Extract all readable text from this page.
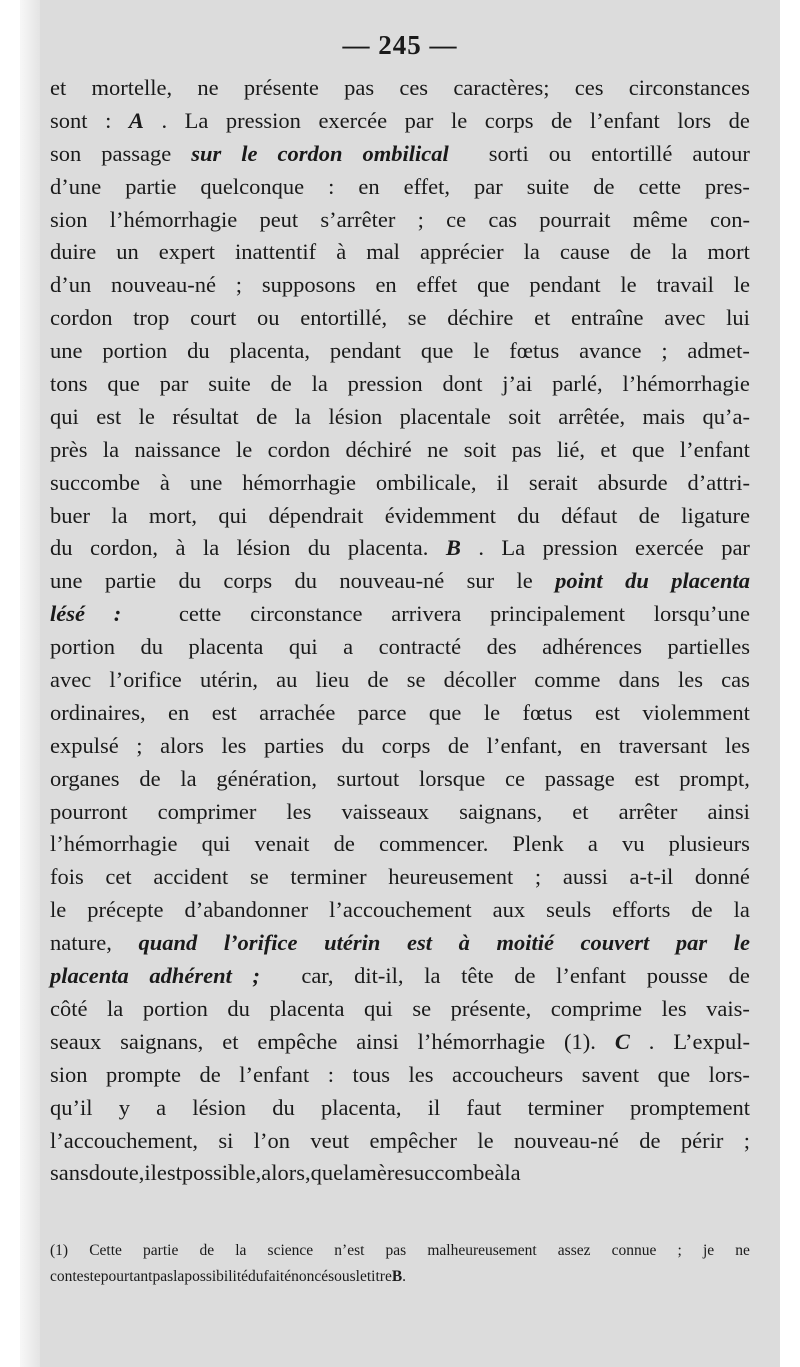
— 245 —
et mortelle, ne présente pas ces caractères; ces circonstances
sont : A . La pression exercée par le corps de l’enfant lors de
son passage sur le cordon ombilical sorti ou entortillé autour
d’une partie quelconque : en effet, par suite de cette pres-
sion l’hémorrhagie peut s’arrêter ; ce cas pourrait même con-
duire un expert inattentif à mal apprécier la cause de la mort
d’un nouveau-né ; supposons en effet que pendant le travail le
cordon trop court ou entortillé, se déchire et entraîne avec lui
une portion du placenta, pendant que le fœtus avance ; admet-
tons que par suite de la pression dont j’ai parlé, l’hémorrhagie
qui est le résultat de la lésion placentale soit arrêtée, mais qu’a-
près la naissance le cordon déchiré ne soit pas lié, et que l’enfant
succombe à une hémorrhagie ombilicale, il serait absurde d’attri-
buer la mort, qui dépendrait évidemment du défaut de ligature
du cordon, à la lésion du placenta. B . La pression exercée par
une partie du corps du nouveau-né sur le point du placenta
lésé :	cette circonstance arrivera principalement lorsqu’une
portion du placenta qui a contracté des adhérences partielles
avec l’orifice utérin, au lieu de se décoller comme dans les cas
ordinaires, en est arrachée parce que le fœtus est violemment
expulsé ; alors les parties du corps de l’enfant, en traversant les
organes de la génération, surtout lorsque ce passage est prompt,
pourront comprimer les vaisseaux saignans, et arrêter ainsi
l’hémorrhagie qui venait de commencer. Plenk a vu plusieurs
fois cet accident se terminer heureusement ; aussi a-t-il donné
le précepte d’abandonner l’accouchement aux seuls efforts de la
nature, quand l’orifice utérin est à moitié couvert par le
placenta adhérent ; car, dit-il, la tête de l’enfant pousse de
côté la portion du placenta qui se présente, comprime les vais-
seaux saignans, et empêche ainsi l’hémorrhagie (1). C . L’expul-
sion prompte de l’enfant : tous les accoucheurs savent que lors-
qu’il y a lésion du placenta, il faut terminer promptement
l’accouchement, si l’on veut empêcher le nouveau-né de périr ;
sans doute, il est possible, alors, que la mère succombe à la
(1) Cette partie de la science n’est pas malheureusement assez connue ; je ne
conteste pourtant pas la possibilité du fait énoncé sous le titre B .
